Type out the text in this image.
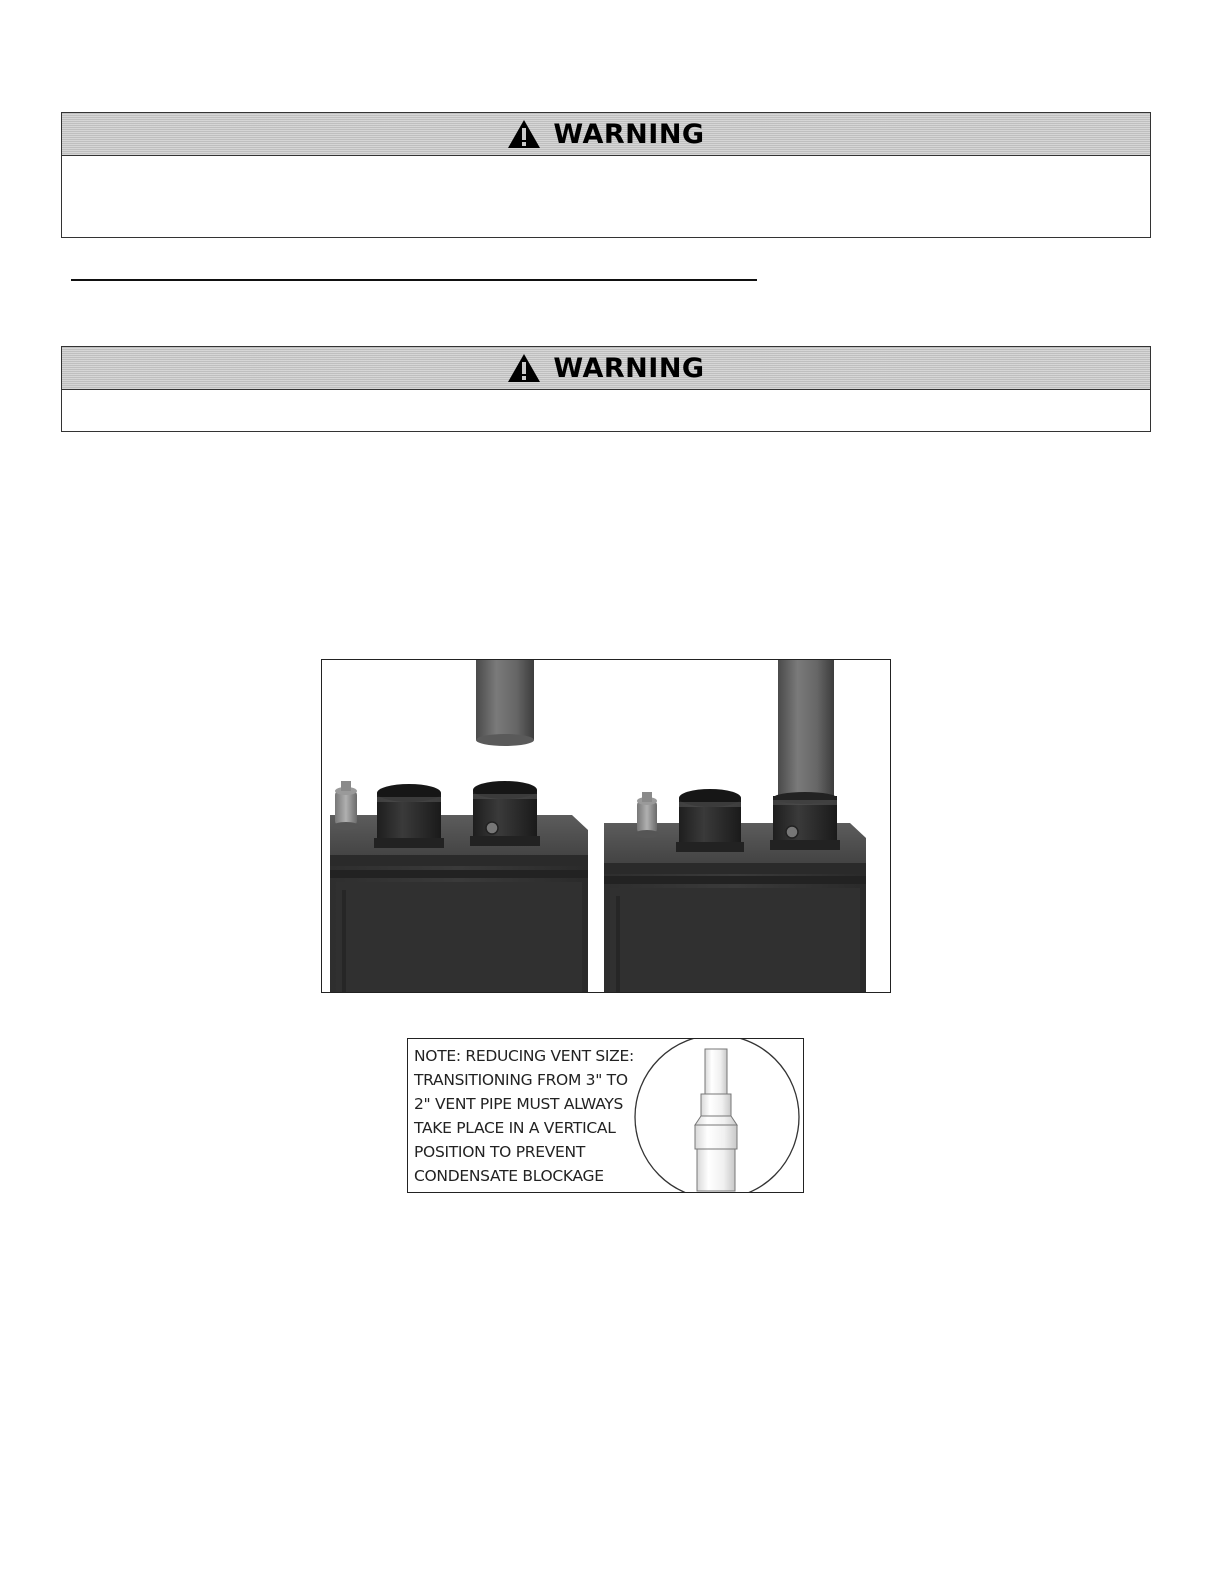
WARNING
WARNING
NOTE: REDUCING VENT SIZE:
TRANSITIONING FROM 3" TO
2" VENT PIPE MUST ALWAYS
TAKE PLACE IN A VERTICAL
POSITION TO PREVENT
CONDENSATE BLOCKAGE
